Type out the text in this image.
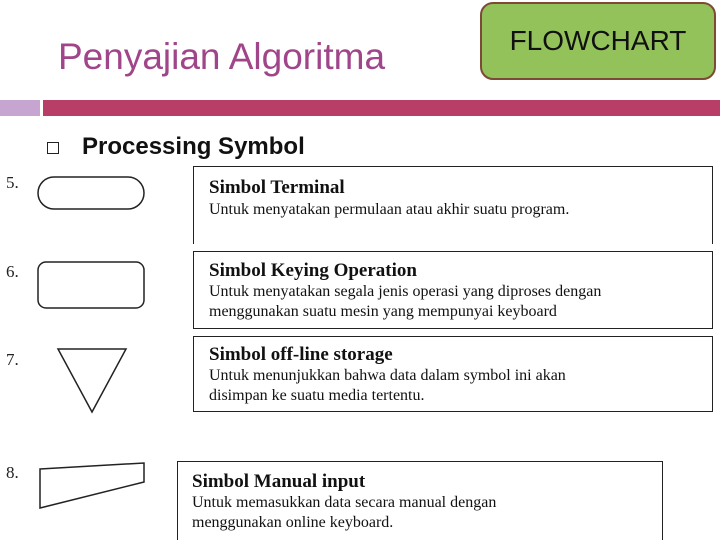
Penyajian Algoritma	FLOWCHART
Processing Symbol
5.	Simbol Terminal
Untuk menyatakan permulaan atau akhir suatu program.
6.	Simbol Keying Operation
Untuk menyatakan segala jenis operasi yang diproses dengan
menggunakan suatu mesin yang mempunyai keyboard
7.	Simbol off-line storage
Untuk menunjukkan bahwa data dalam symbol ini akan
disimpan ke suatu media tertentu.
8.	Simbol Manual input
Untuk memasukkan data secara manual dengan
menggunakan online keyboard.
